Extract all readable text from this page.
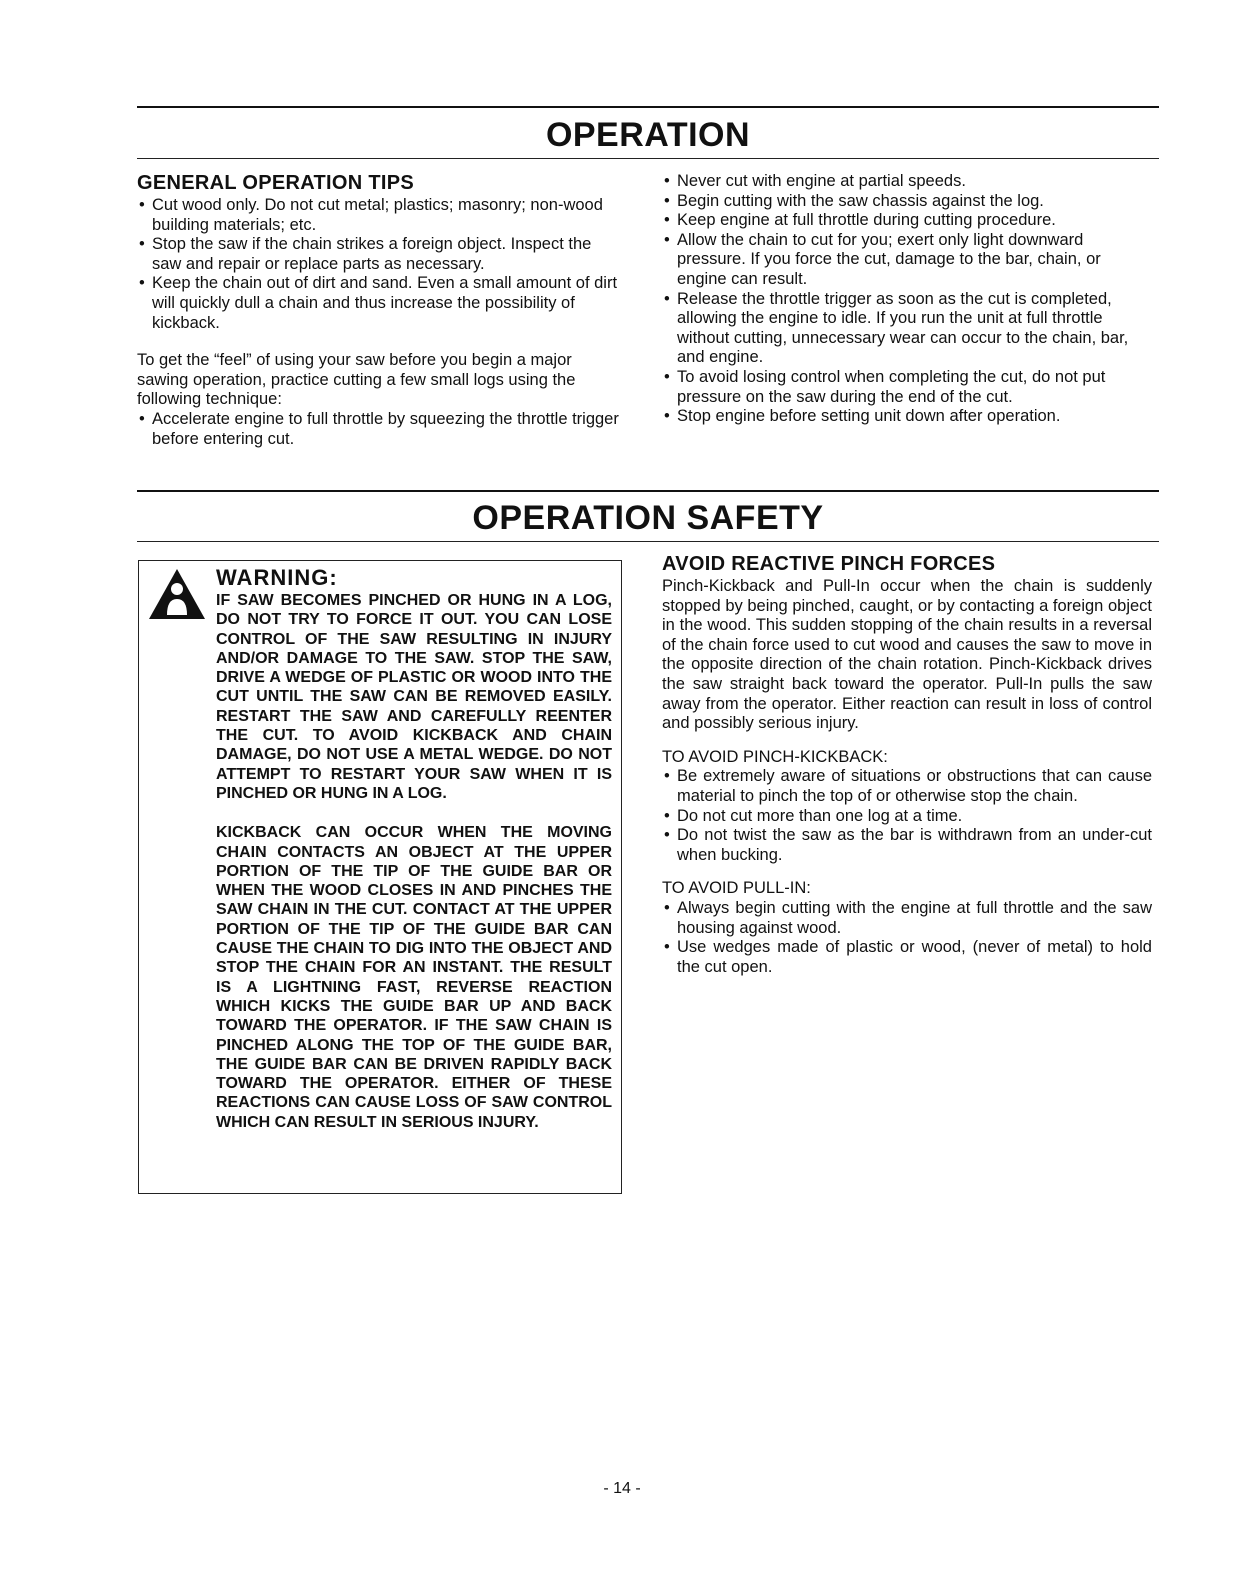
OPERATION
GENERAL OPERATION TIPS
• Cut wood only. Do not cut metal; plastics; masonry; non-wood building materials; etc.
• Stop the saw if the chain strikes a foreign object. Inspect the saw and repair or replace parts as necessary.
• Keep the chain out of dirt and sand. Even a small amount of dirt will quickly dull a chain and thus increase the possibility of kickback.

To get the “feel” of using your saw before you begin a major sawing operation, practice cutting a few small logs using the following technique:

• Accelerate engine to full throttle by squeezing the throttle trigger before entering cut.
• Never cut with engine at partial speeds.
• Begin cutting with the saw chassis against the log.
• Keep engine at full throttle during cutting procedure.
• Allow the chain to cut for you; exert only light downward pressure. If you force the cut, damage to the bar, chain, or engine can result.
• Release the throttle trigger as soon as the cut is completed, allowing the engine to idle. If you run the unit at full throttle without cutting, unnecessary wear can occur to the chain, bar, and engine.
• To avoid losing control when completing the cut, do not put pressure on the saw during the end of the cut.
• Stop engine before setting unit down after operation.
OPERATION SAFETY
WARNING:

IF SAW BECOMES PINCHED OR HUNG IN A LOG, DO NOT TRY TO FORCE IT OUT. YOU CAN LOSE CONTROL OF THE SAW RESULTING IN INJURY AND/OR DAMAGE TO THE SAW. STOP THE SAW, DRIVE A WEDGE OF PLASTIC OR WOOD INTO THE CUT UNTIL THE SAW CAN BE REMOVED EASILY. RESTART THE SAW AND CAREFULLY REENTER THE CUT. TO AVOID KICKBACK AND CHAIN DAMAGE, DO NOT USE A METAL WEDGE. DO NOT ATTEMPT TO RESTART YOUR SAW WHEN IT IS PINCHED OR HUNG IN A LOG.

KICKBACK CAN OCCUR WHEN THE MOVING CHAIN CONTACTS AN OBJECT AT THE UPPER PORTION OF THE TIP OF THE GUIDE BAR OR WHEN THE WOOD CLOSES IN AND PINCHES THE SAW CHAIN IN THE CUT. CONTACT AT THE UPPER PORTION OF THE TIP OF THE GUIDE BAR CAN CAUSE THE CHAIN TO DIG INTO THE OBJECT AND STOP THE CHAIN FOR AN INSTANT. THE RESULT IS A LIGHTNING FAST, REVERSE REACTION WHICH KICKS THE GUIDE BAR UP AND BACK TOWARD THE OPERATOR. IF THE SAW CHAIN IS PINCHED ALONG THE TOP OF THE GUIDE BAR, THE GUIDE BAR CAN BE DRIVEN RAPIDLY BACK TOWARD THE OPERATOR. EITHER OF THESE REACTIONS CAN CAUSE LOSS OF SAW CONTROL WHICH CAN RESULT IN SERIOUS INJURY.

AVOID REACTIVE PINCH FORCES

Pinch-Kickback and Pull-In occur when the chain is suddenly stopped by being pinched, caught, or by contacting a foreign object in the wood. This sudden stopping of the chain results in a reversal of the chain force used to cut wood and causes the saw to move in the opposite direction of the chain rotation. Pinch-Kickback drives the saw straight back toward the operator. Pull-In pulls the saw away from the operator. Either reaction can result in loss of control and possibly serious injury.

TO AVOID PINCH-KICKBACK:

• Be extremely aware of situations or obstructions that can cause material to pinch the top of or otherwise stop the chain.
• Do not cut more than one log at a time.
• Do not twist the saw as the bar is withdrawn from an under-cut when bucking.

TO AVOID PULL-IN:

• Always begin cutting with the engine at full throttle and the saw housing against wood.
• Use wedges made of plastic or wood, (never of metal) to hold the cut open.
- 14 -
